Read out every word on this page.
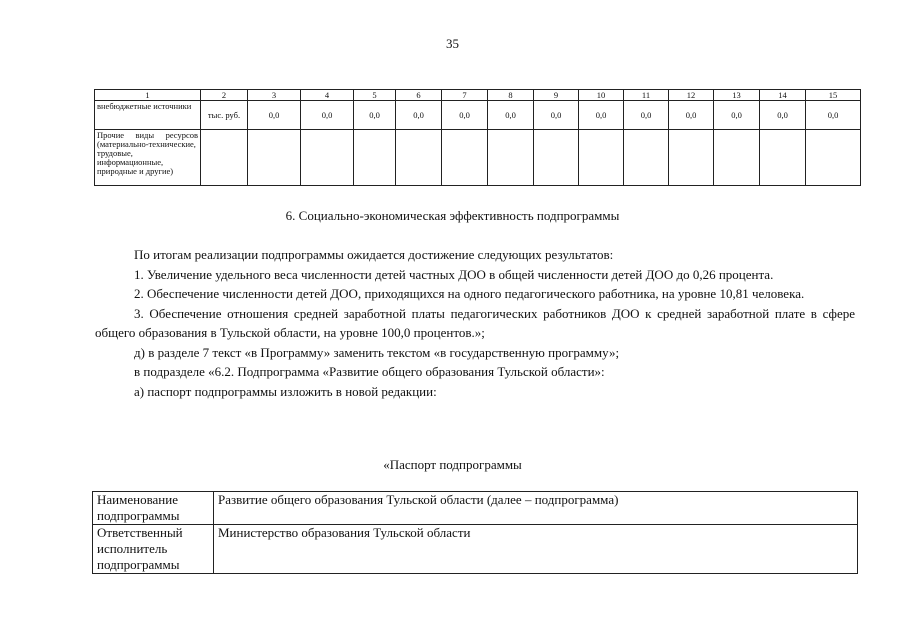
35
1	2	3	4	5	6	7	8	9	10	11	12	13	14	15
внебюджетные источники	тыс. руб.	0,0	0,0	0,0	0,0	0,0	0,0	0,0	0,0	0,0	0,0	0,0	0,0	0,0
Прочие виды ресурсов (материально-технические, трудовые, информационные, природные и другие)														
6. Социально-экономическая эффективность подпрограммы

По итогам реализации подпрограммы ожидается достижение следующих результатов:

1. Увеличение удельного веса численности детей частных ДОО в общей численности детей ДОО до 0,26 процента.

2. Обеспечение численности детей ДОО, приходящихся на одного педагогического работника, на уровне 10,81 человека.

3. Обеспечение отношения средней заработной платы педагогических работников ДОО к средней заработной плате в сфере общего образования в Тульской области, на уровне 100,0 процентов.»;

д) в разделе 7 текст «в Программу» заменить текстом «в государственную программу»;

в подразделе «6.2. Подпрограмма «Развитие общего образования Тульской области»:

а) паспорт подпрограммы изложить в новой редакции:

«Паспорт подпрограммы
Наименование подпрограммы	Развитие общего образования Тульской области (далее – подпрограмма)
Ответственный исполнитель подпрограммы	Министерство образования Тульской области
